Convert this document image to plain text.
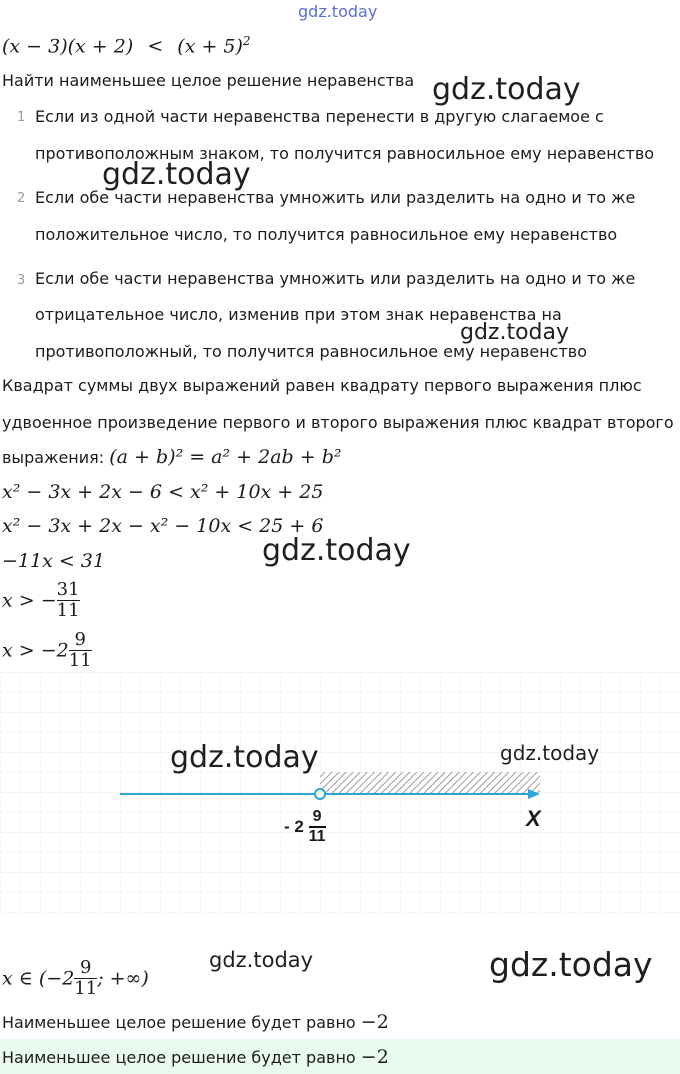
gdz.today
gdz.today
gdz.today
gdz.today
gdz.today
$(x - 3)(x + 2) < (x + 5)^2$
Найти наименьшее целое решение неравенства
1 Если из одной части неравенства перенести в другую слагаемое с
противоположным знаком, то получится равносильное ему неравенство
2 Если обе части неравенства умножить или разделить на одно и то же
положительное число, то получится равносильное ему неравенство
3 Если обе части неравенства умножить или разделить на одно и то же
отрицательное число, изменив при этом знак неравенства на
противоположный, то получится равносильное ему неравенство
Квадрат суммы двух выражений равен квадрату первого выражения плюс
удвоенное произведение первого и второго выражения плюс квадрат второго
выражения: (a + b)² = a² + 2ab + b²
x² − 3x + 2x − 6 < x² + 10x + 25
x² − 3x + 2x − x² − 10x < 25 + 6
−11x < 31
x > − $\frac{31}{11}$
$x > -2 \frac{9}{11}$
gdz.today	gdz.today
- $2 \frac{9}{11}$	X
gdz.today	gdz.today
x ∈ ($-2 \frac{9}{11}$ ; +∞)
Наименьшее целое решение будет равно −2
Наименьшее целое решение будет равно −2
